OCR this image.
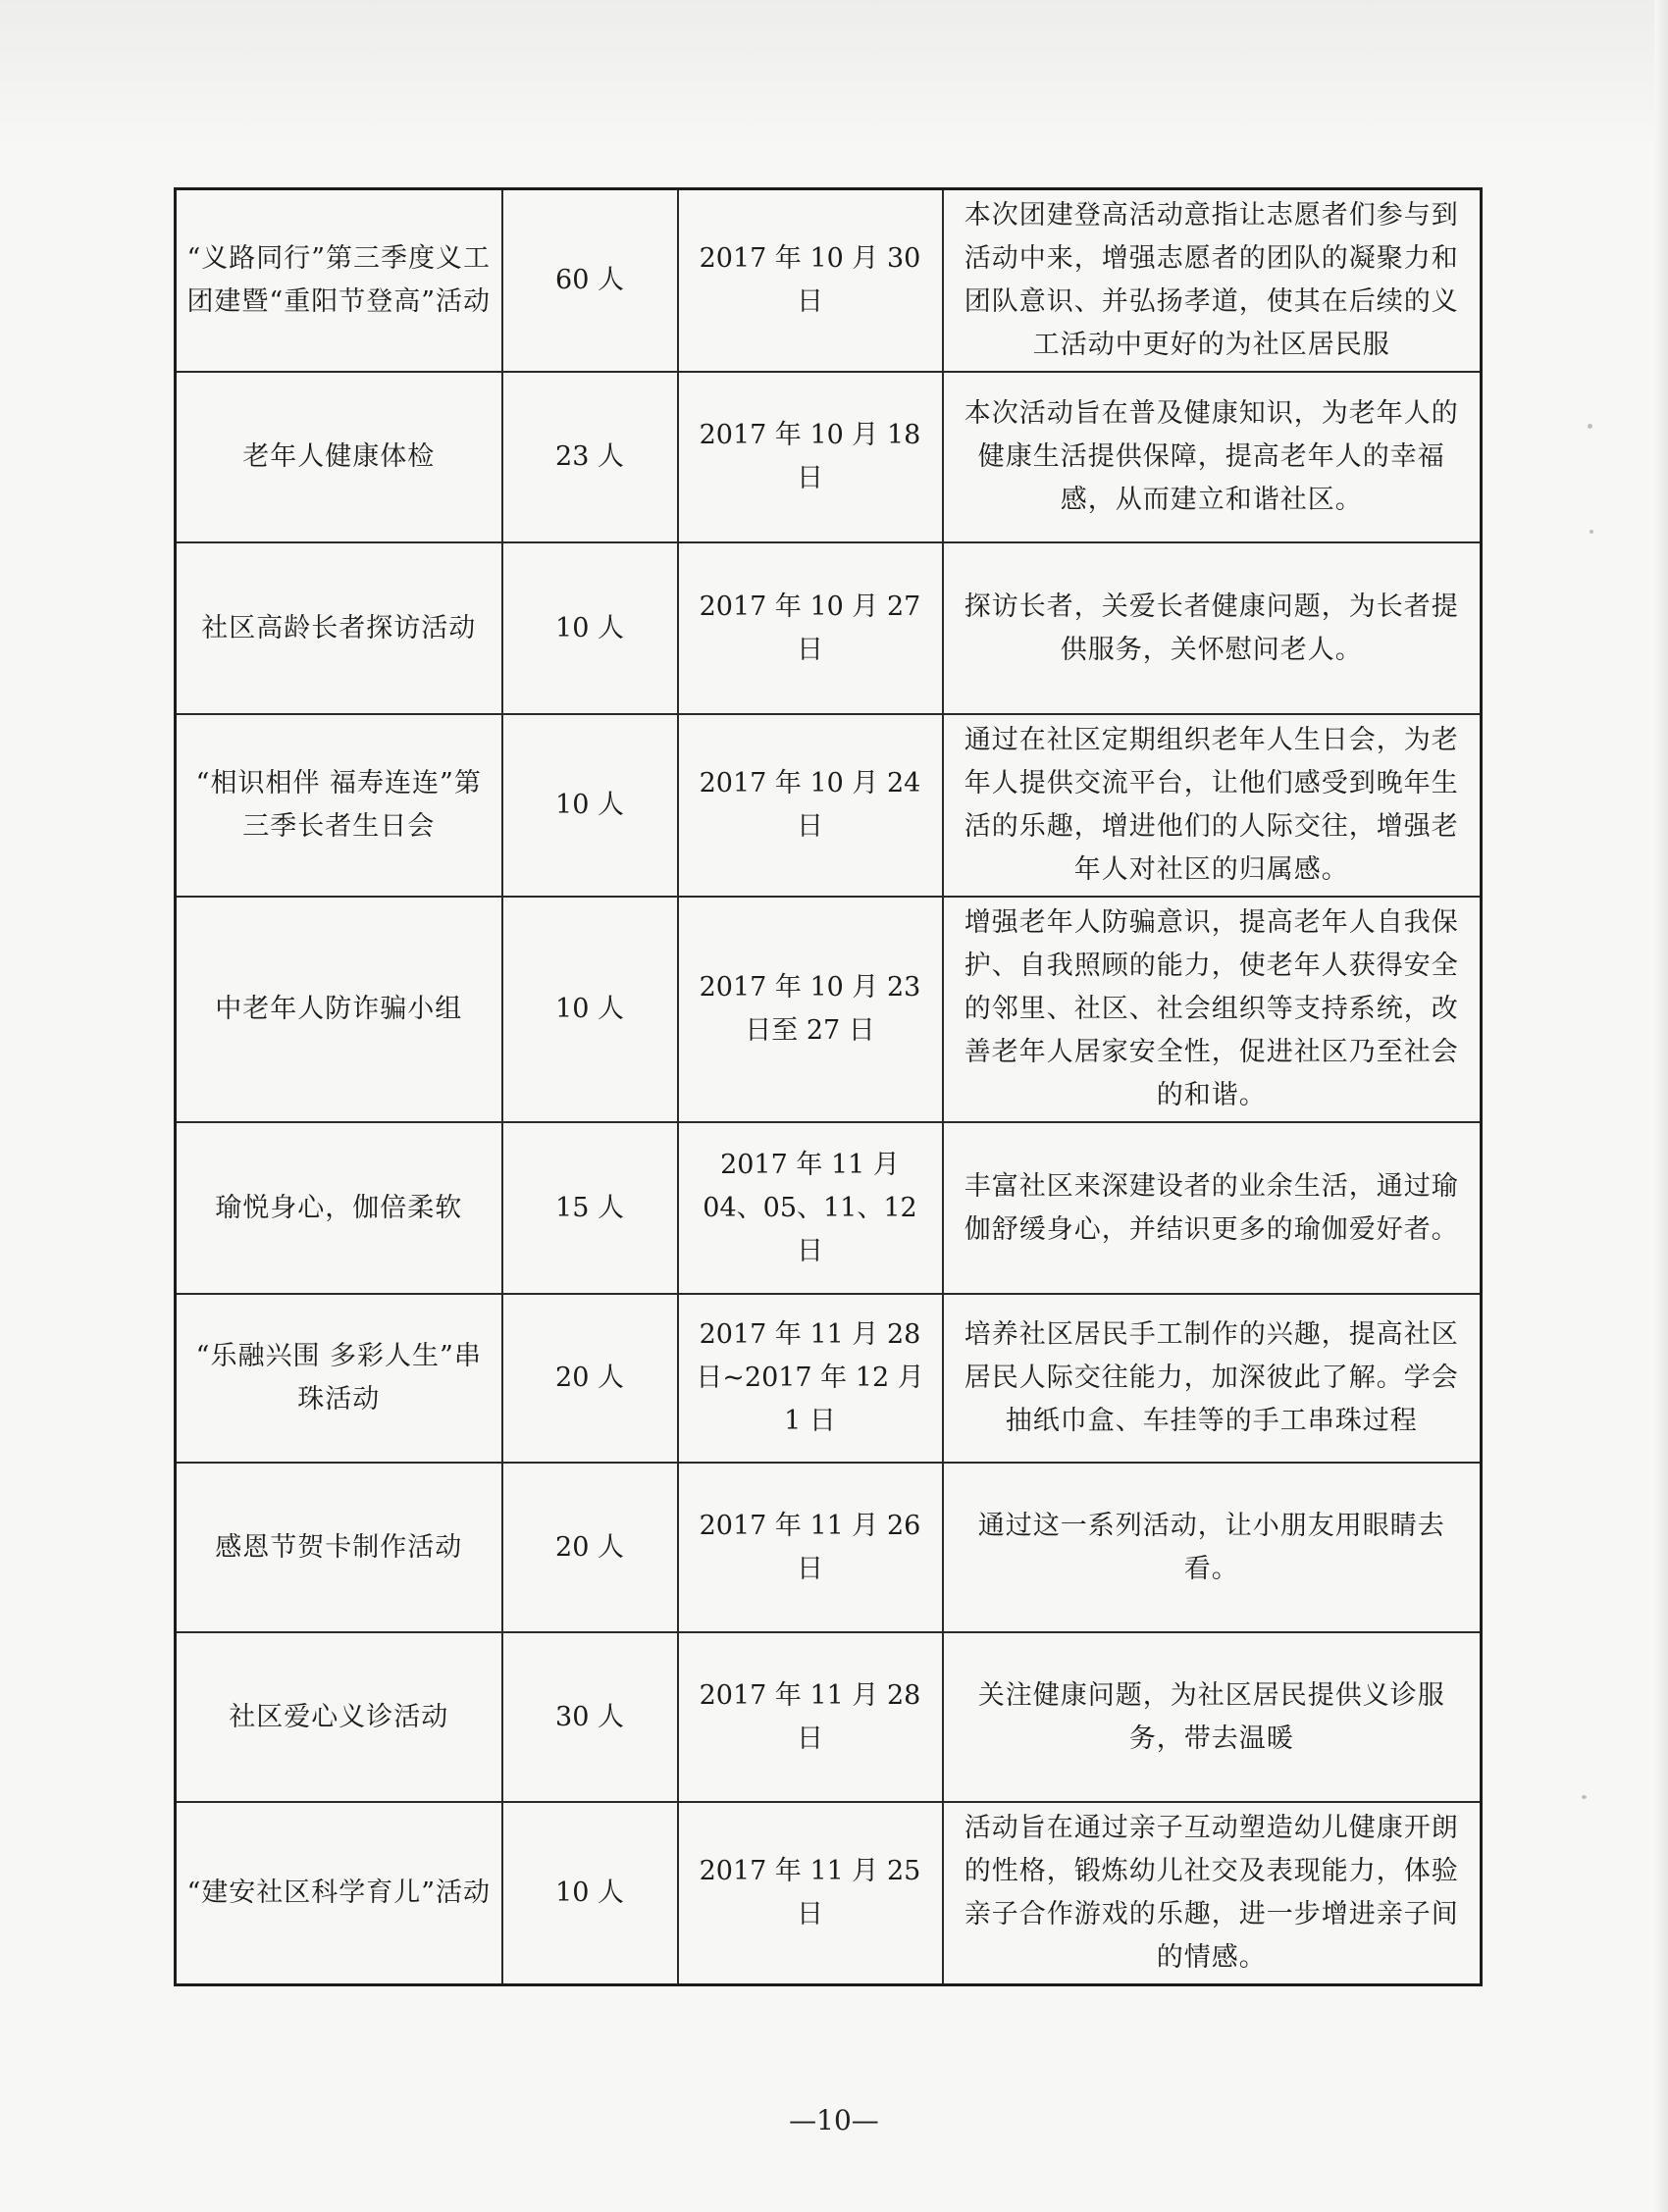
“义路同行”第三季度义工团建暨“重阳节登高”活动	60 人	2017 年 10 月 30 日	本次团建登高活动意指让志愿者们参与到活动中来，增强志愿者的团队的凝聚力和团队意识、并弘扬孝道，使其在后续的义工活动中更好的为社区居民服
老年人健康体检	23 人	2017 年 10 月 18 日	本次活动旨在普及健康知识，为老年人的健康生活提供保障，提高老年人的幸福感，从而建立和谐社区。
社区高龄长者探访活动	10 人	2017 年 10 月 27 日	探访长者，关爱长者健康问题，为长者提供服务，关怀慰问老人。
“相识相伴 福寿连连”第三季长者生日会	10 人	2017 年 10 月 24 日	通过在社区定期组织老年人生日会，为老年人提供交流平台，让他们感受到晚年生活的乐趣，增进他们的人际交往，增强老年人对社区的归属感。
中老年人防诈骗小组	10 人	2017 年 10 月 23 日至 27 日	增强老年人防骗意识，提高老年人自我保护、自我照顾的能力，使老年人获得安全的邻里、社区、社会组织等支持系统，改善老年人居家安全性，促进社区乃至社会的和谐。
瑜悦身心，伽倍柔软	15 人	2017 年 11 月 04、05、11、12 日	丰富社区来深建设者的业余生活，通过瑜伽舒缓身心，并结识更多的瑜伽爱好者。
“乐融兴围 多彩人生”串珠活动	20 人	2017 年 11 月 28 日~2017 年 12 月 1 日	培养社区居民手工制作的兴趣，提高社区居民人际交往能力，加深彼此了解。学会抽纸巾盒、车挂等的手工串珠过程
感恩节贺卡制作活动	20 人	2017 年 11 月 26 日	通过这一系列活动，让小朋友用眼睛去看。
社区爱心义诊活动	30 人	2017 年 11 月 28 日	关注健康问题，为社区居民提供义诊服务，带去温暖
“建安社区科学育儿”活动	10 人	2017 年 11 月 25 日	活动旨在通过亲子互动塑造幼儿健康开朗的性格，锻炼幼儿社交及表现能力，体验亲子合作游戏的乐趣，进一步增进亲子间的情感。
—10—
